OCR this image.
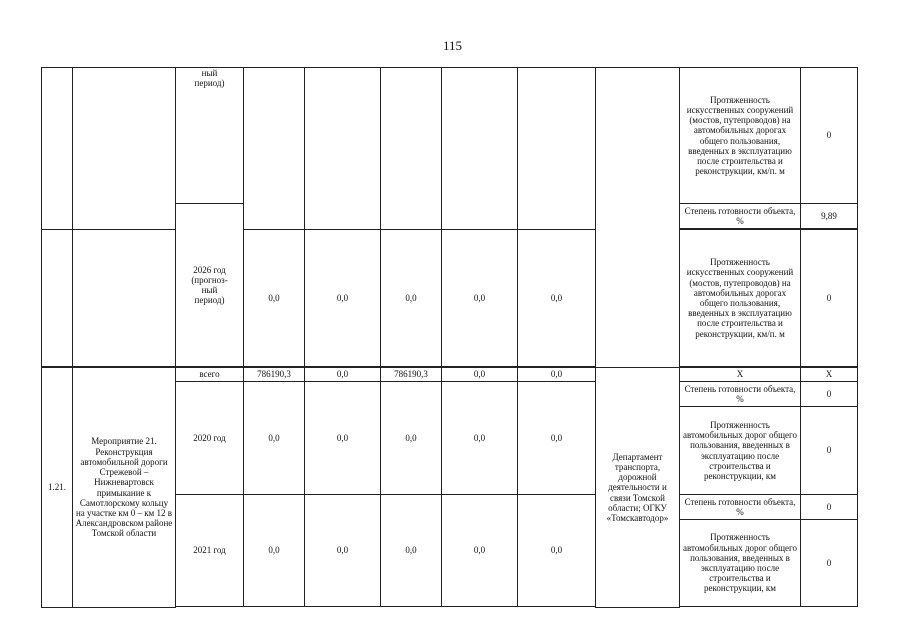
115
		ный
период)							Протяженность искусственных сооружений (мостов, путепроводов) на автомобильных дорогах общего пользования, введенных в эксплуатацию после строительства и реконструкции, км/п. м	0
		2026 год
(прогноз-
ный
период)							Степень готовности объекта, %	9,89

			0,0	0,0	0,0	0,0	0,0		Протяженность искусственных сооружений (мостов, путепроводов) на автомобильных дорогах общего пользования, введенных в эксплуатацию после строительства и реконструкции, км/п. м	0

1.21.	Мероприятие 21. Реконструкция автомобильной дороги Стрежевой – Нижневартовск примыкание к Самотлорскому кольцу на участке км 0 – км 12 в Александровском районе Томской области	всего	786190,3	0,0	786190,3	0,0	0,0	Департамент транспорта, дорожной деятельности и связи Томской области; ОГКУ «Томскавтодор»	Х	Х
		2020 год	0,0	0,0	0,0	0,0	0,0		Степень готовности объекта, %	0
									Протяженность автомобильных дорог общего пользования, введенных в эксплуатацию после строительства и реконструкции, км	0
		2021 год	0,0	0,0	0,0	0,0	0,0		Степень готовности объекта, %	0
									Протяженность автомобильных дорог общего пользования, введенных в эксплуатацию после строительства и реконструкции, км	0
